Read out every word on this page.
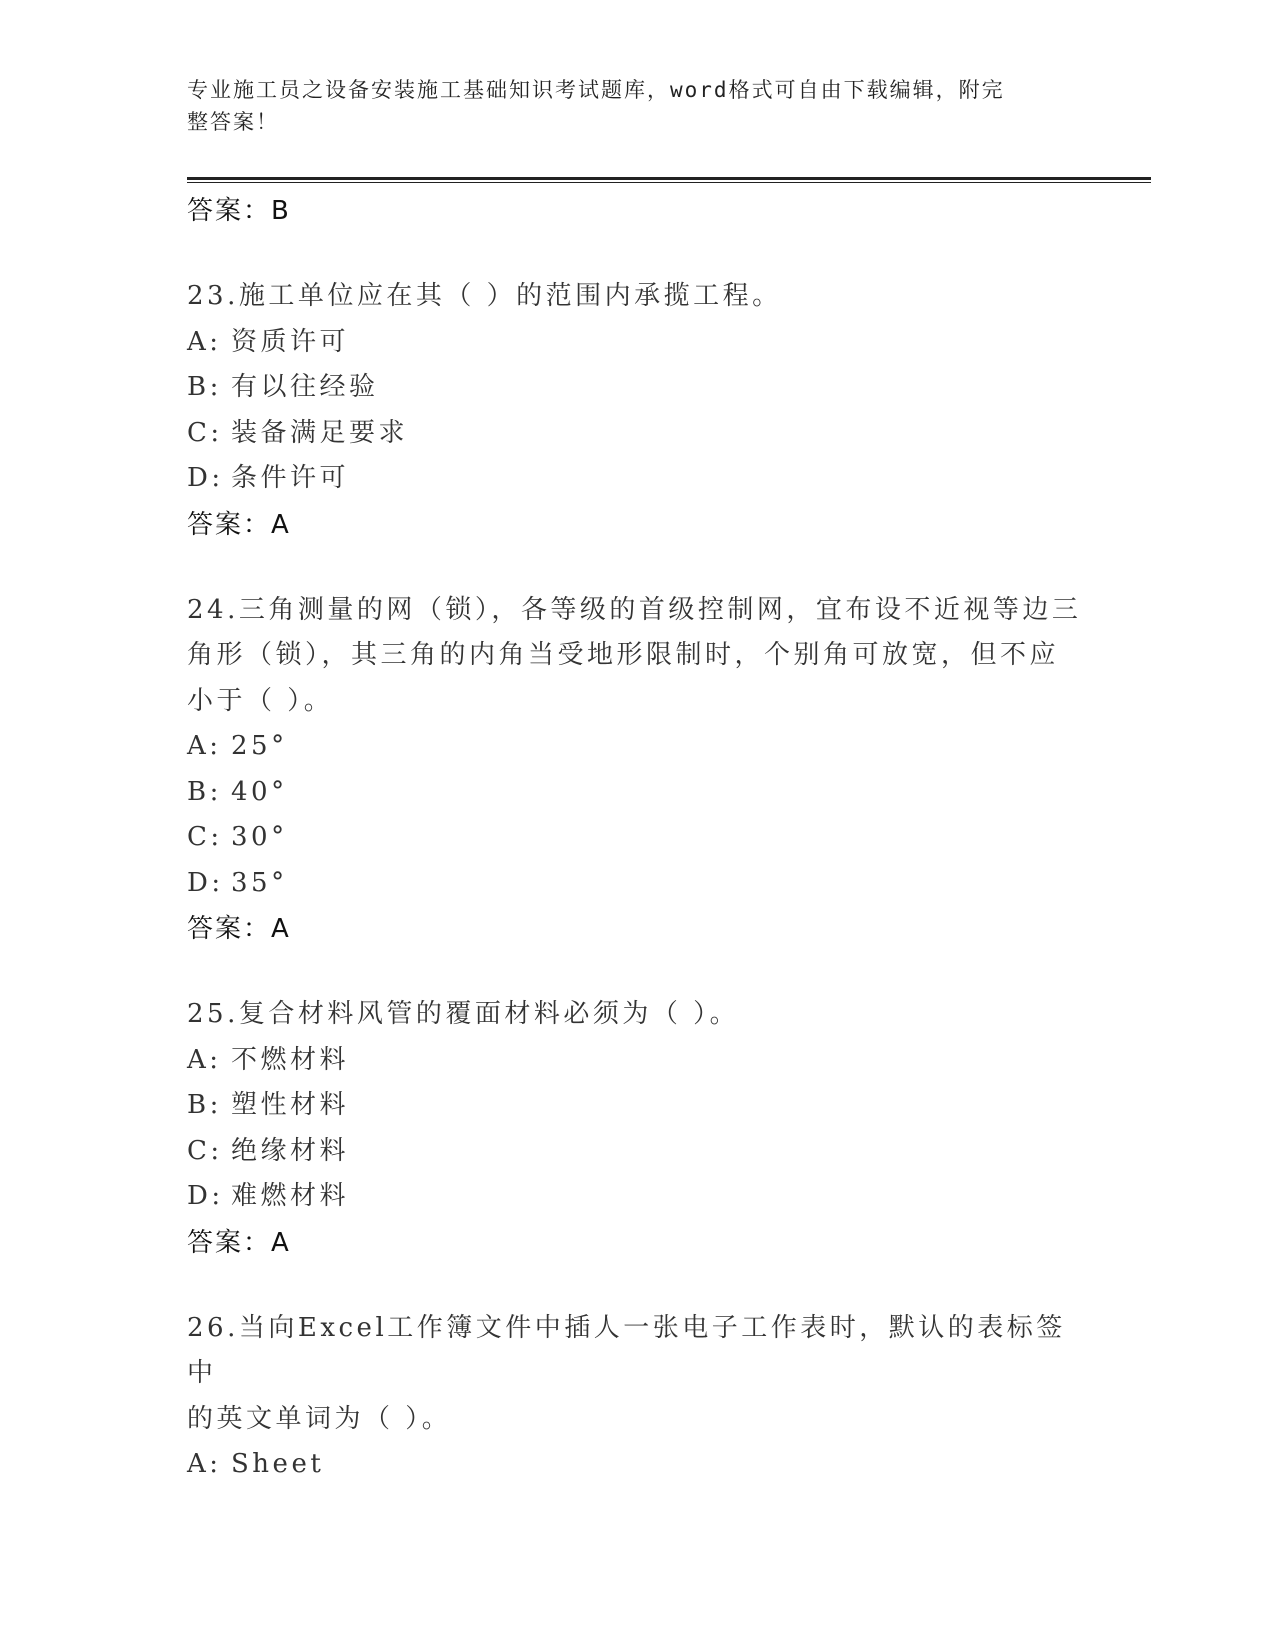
专业施工员之设备安装施工基础知识考试题库，word格式可自由下载编辑，附完
整答案！
答案：B
23.施工单位应在其（ ）的范围内承揽工程。
A: 资质许可
B: 有以往经验
C: 装备满足要求
D: 条件许可
答案：A
24.三角测量的网（锁），各等级的首级控制网，宜布设不近视等边三
角形（锁），其三角的内角当受地形限制时，个别角可放宽，但不应
小于（ ）。
A: 25°
B: 40°
C: 30°
D: 35°
答案：A
25.复合材料风管的覆面材料必须为（ ）。
A: 不燃材料
B: 塑性材料
C: 绝缘材料
D: 难燃材料
答案：A
26.当向Excel工作簿文件中插人一张电子工作表时，默认的表标签中
的英文单词为（ ）。
A: Sheet
